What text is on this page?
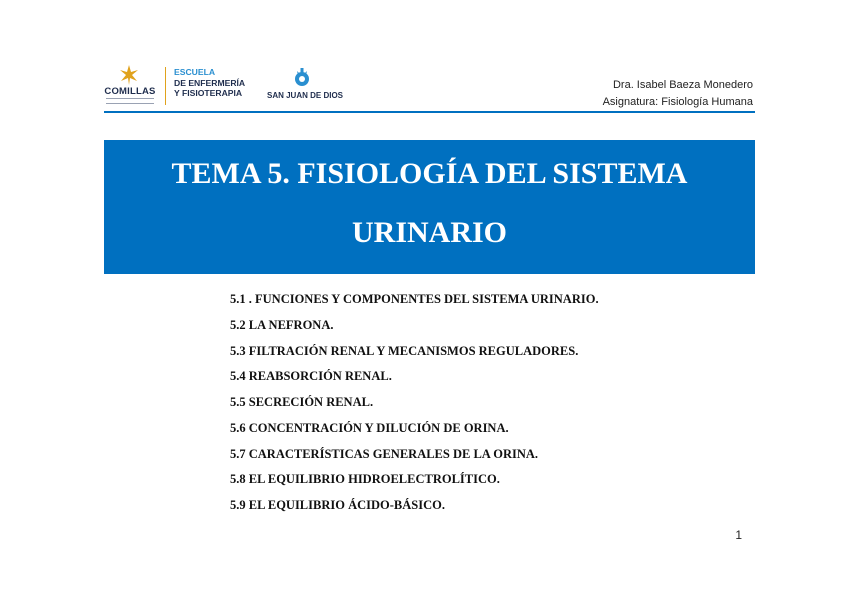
COMILLAS
ESCUELA
DE ENFERMERÍA
Y FISIOTERAPIA	SAN JUAN DE DIOS
Dra. Isabel Baeza Monedero
Asignatura: Fisiología Humana
TEMA 5. FISIOLOGÍA DEL SISTEMA
URINARIO
5.1 . FUNCIONES Y COMPONENTES DEL SISTEMA URINARIO.
5.2 LA NEFRONA.
5.3 FILTRACIÓN RENAL Y MECANISMOS REGULADORES.
5.4 REABSORCIÓN RENAL.
5.5 SECRECIÓN RENAL.
5.6 CONCENTRACIÓN Y DILUCIÓN DE ORINA.
5.7 CARACTERÍSTICAS GENERALES DE LA ORINA.
5.8 EL EQUILIBRIO HIDROELECTROLÍTICO.
5.9 EL EQUILIBRIO ÁCIDO-BÁSICO.
1
